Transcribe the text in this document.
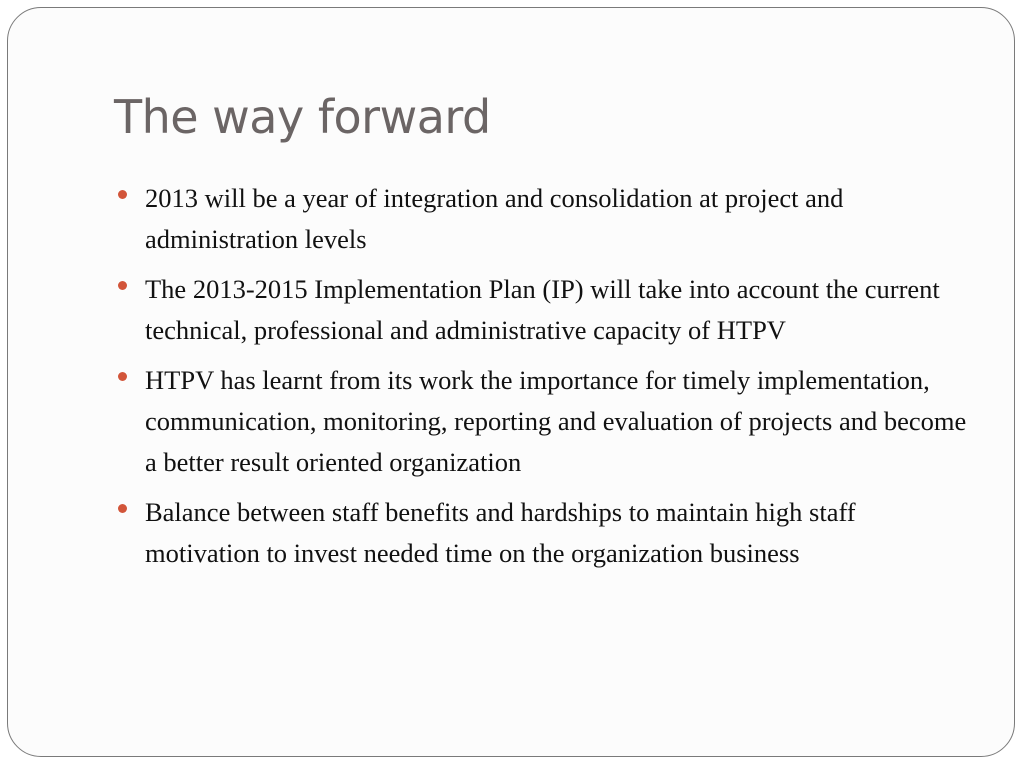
The way forward
2013 will be a year of integration and consolidation at project and administration levels
The 2013-2015 Implementation Plan (IP) will take into account the current technical, professional and administrative capacity of HTPV
HTPV has learnt from its work the importance for timely implementation, communication, monitoring, reporting and evaluation of projects and become a better result oriented organization
Balance between staff benefits and hardships to maintain high staff motivation to invest needed time on the organization business
